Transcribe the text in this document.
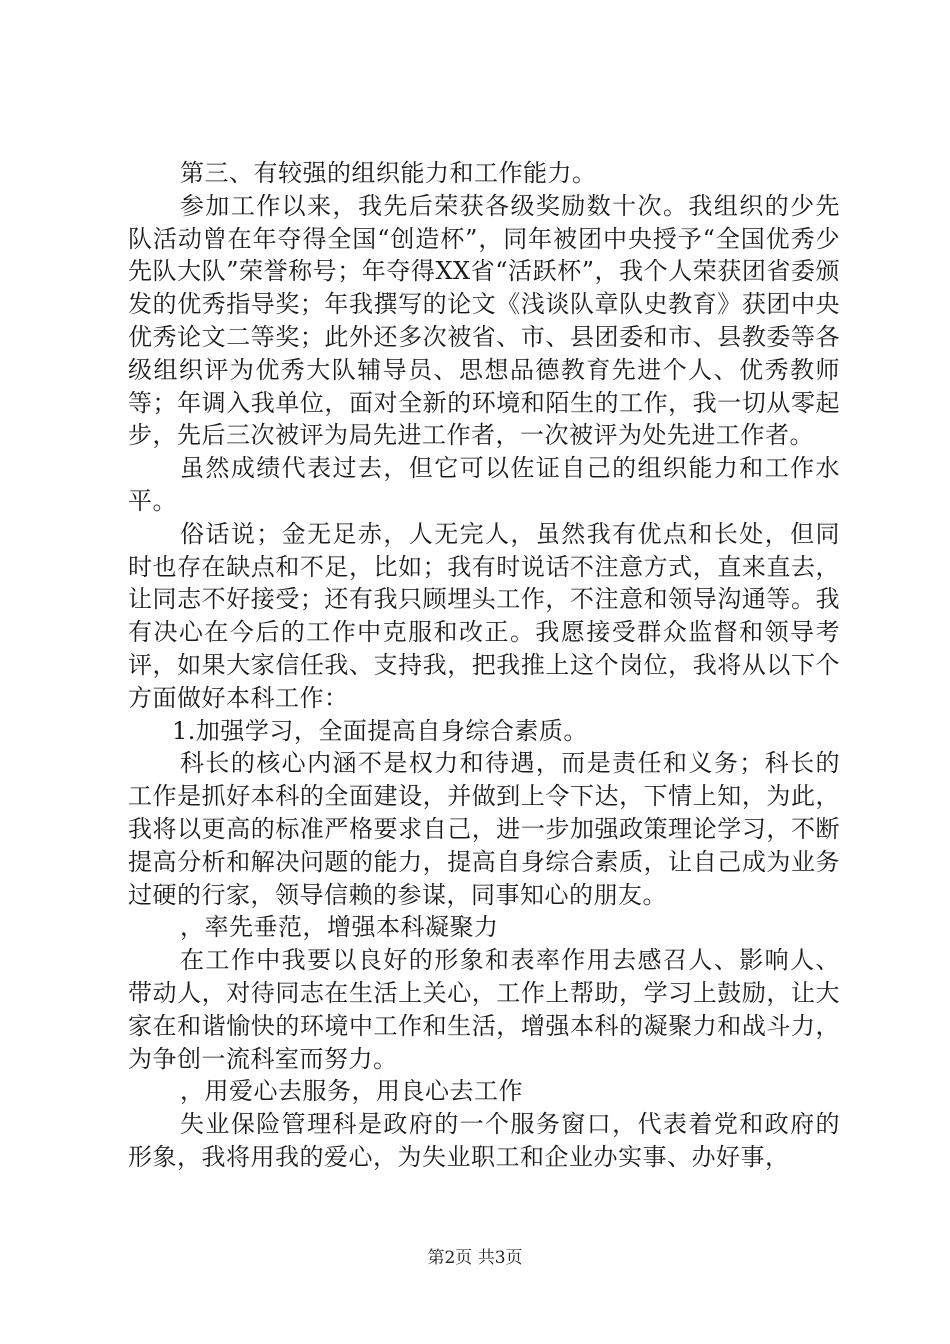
第三、有较强的组织能力和工作能力。

参加工作以来，我先后荣获各级奖励数十次。我组织的少先队活动曾在年夺得全国“创造杯”，同年被团中央授予“全国优秀少先队大队”荣誉称号；年夺得XX省“活跃杯”，我个人荣获团省委颁发的优秀指导奖；年我撰写的论文《浅谈队章队史教育》获团中央优秀论文二等奖；此外还多次被省、市、县团委和市、县教委等各级组织评为优秀大队辅导员、思想品德教育先进个人、优秀教师等；年调入我单位，面对全新的环境和陌生的工作，我一切从零起步，先后三次被评为局先进工作者，一次被评为处先进工作者。

虽然成绩代表过去，但它可以佐证自己的组织能力和工作水平。

俗话说；金无足赤，人无完人，虽然我有优点和长处，但同时也存在缺点和不足，比如；我有时说话不注意方式，直来直去，让同志不好接受；还有我只顾埋头工作，不注意和领导沟通等。我有决心在今后的工作中克服和改正。我愿接受群众监督和领导考评，如果大家信任我、支持我，把我推上这个岗位，我将从以下个方面做好本科工作：

1.加强学习，全面提高自身综合素质。

科长的核心内涵不是权力和待遇，而是责任和义务；科长的工作是抓好本科的全面建设，并做到上令下达，下情上知，为此，我将以更高的标准严格要求自己，进一步加强政策理论学习，不断提高分析和解决问题的能力，提高自身综合素质，让自己成为业务过硬的行家，领导信赖的参谋，同事知心的朋友。

，率先垂范，增强本科凝聚力

在工作中我要以良好的形象和表率作用去感召人、影响人、带动人，对待同志在生活上关心，工作上帮助，学习上鼓励，让大家在和谐愉快的环境中工作和生活，增强本科的凝聚力和战斗力，为争创一流科室而努力。

，用爱心去服务，用良心去工作

失业保险管理科是政府的一个服务窗口，代表着党和政府的形象，我将用我的爱心，为失业职工和企业办实事、办好事，

第2页 共3页
